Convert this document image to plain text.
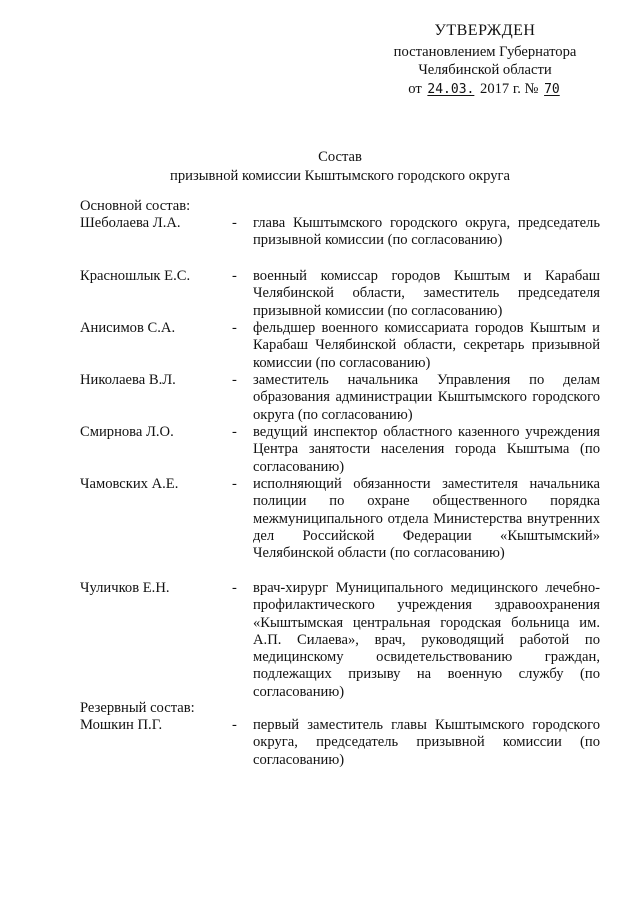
УТВЕРЖДЕН
постановлением Губернатора
Челябинской области
от 24.03. 2017 г. № 70
Состав
призывной комиссии Кыштымского городского округа
Основной состав:
Шеболаева Л.А.	- глава Кыштымского городского округа, председатель призывной комиссии (по согласованию)
Красношлык Е.С.	- военный комиссар городов Кыштым и Карабаш Челябинской области, заместитель председателя призывной комиссии (по согласованию)
Анисимов С.А.	- фельдшер военного комиссариата городов Кыштым и Карабаш Челябинской области, секретарь призывной комиссии (по согласованию)
Николаева В.Л.	- заместитель начальника Управления по делам образования администрации Кыштымского городского округа (по согласованию)
Смирнова Л.О.	- ведущий инспектор областного казенного учреждения Центра занятости населения города Кыштыма (по согласованию)
Чамовских А.Е.	- исполняющий обязанности заместителя начальника полиции по охране общественного порядка межмуниципального отдела Министерства внутренних дел Российской Федерации «Кыштымский» Челябинской области (по согласованию)
Чуличков Е.Н.	- врач-хирург Муниципального медицинского лечебно-профилактического учреждения здравоохранения «Кыштымская центральная городская больница им. А.П. Силаева», врач, руководящий работой по медицинскому освидетельствованию граждан, подлежащих призыву на военную службу (по согласованию)
Резервный состав:
Мошкин П.Г.	- первый заместитель главы Кыштымского городского округа, председатель призывной комиссии (по согласованию)
